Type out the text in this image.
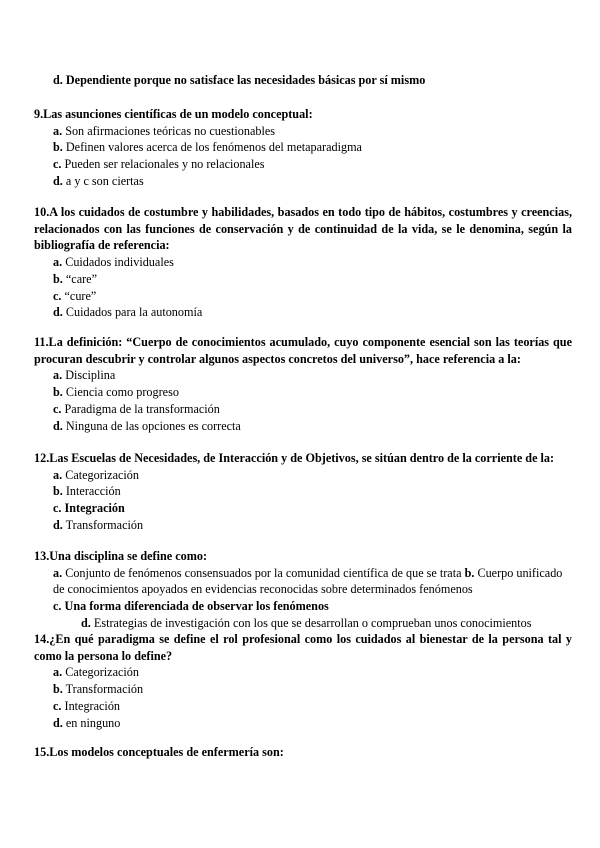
d. Dependiente porque no satisface las necesidades básicas por sí mismo

9.Las asunciones científicas de un modelo conceptual:

a. Son afirmaciones teóricas no cuestionables

b. Definen valores acerca de los fenómenos del metaparadigma

c. Pueden ser relacionales y no relacionales

d. a y c son ciertas

10.A los cuidados de costumbre y habilidades, basados en todo tipo de hábitos, costumbres y creencias, relacionados con las funciones de conservación y de continuidad de la vida, se le denomina, según la bibliografía de referencia:

a. Cuidados individuales

b. “care”

c. “cure”

d. Cuidados para la autonomía

11.La definición: “Cuerpo de conocimientos acumulado, cuyo componente esencial son las teorías que procuran descubrir y controlar algunos aspectos concretos del universo”, hace referencia a la:

a. Disciplina

b. Ciencia como progreso

c. Paradigma de la transformación

d. Ninguna de las opciones es correcta

12.Las Escuelas de Necesidades, de Interacción y de Objetivos, se sitúan dentro de la corriente de la:

a. Categorización

b. Interacción

c. Integración

d. Transformación

13.Una disciplina se define como:

a. Conjunto de fenómenos consensuados por la comunidad científica de que se trata b. Cuerpo unificado

de conocimientos apoyados en evidencias reconocidas sobre determinados fenómenos

c. Una forma diferenciada de observar los fenómenos

d. Estrategias de investigación con los que se desarrollan o comprueban unos conocimientos

14.¿En qué paradigma se define el rol profesional como los cuidados al bienestar de la persona tal y como la persona lo define?

a. Categorización

b. Transformación

c. Integración

d. en ninguno

15.Los modelos conceptuales de enfermería son:
